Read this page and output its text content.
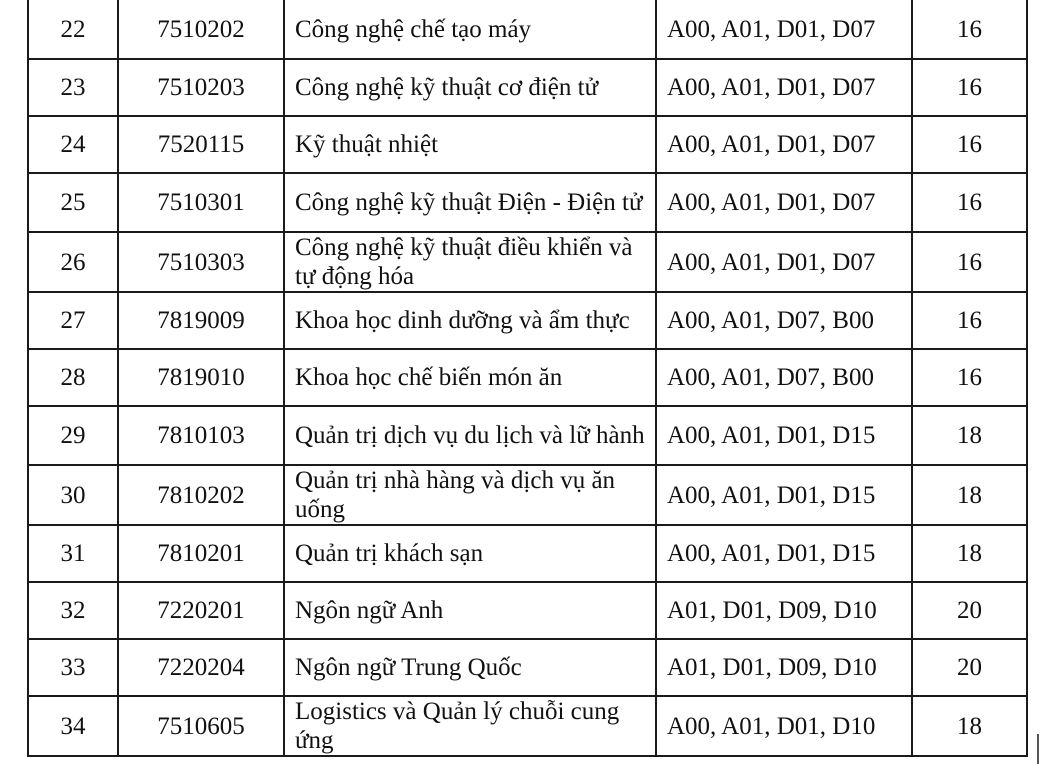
22	7510202	Công nghệ chế tạo máy	A00, A01, D01, D07	16
23	7510203	Công nghệ kỹ thuật cơ điện tử	A00, A01, D01, D07	16
24	7520115	Kỹ thuật nhiệt	A00, A01, D01, D07	16
25	7510301	Công nghệ kỹ thuật Điện - Điện tử	A00, A01, D01, D07	16
26	7510303	Công nghệ kỹ thuật điều khiển và tự động hóa	A00, A01, D01, D07	16
27	7819009	Khoa học dinh dưỡng và ẩm thực	A00, A01, D07, B00	16
28	7819010	Khoa học chế biến món ăn	A00, A01, D07, B00	16
29	7810103	Quản trị dịch vụ du lịch và lữ hành	A00, A01, D01, D15	18
30	7810202	Quản trị nhà hàng và dịch vụ ăn uống	A00, A01, D01, D15	18
31	7810201	Quản trị khách sạn	A00, A01, D01, D15	18
32	7220201	Ngôn ngữ Anh	A01, D01, D09, D10	20
33	7220204	Ngôn ngữ Trung Quốc	A01, D01, D09, D10	20
34	7510605	Logistics và Quản lý chuỗi cung ứng	A00, A01, D01, D10	18
